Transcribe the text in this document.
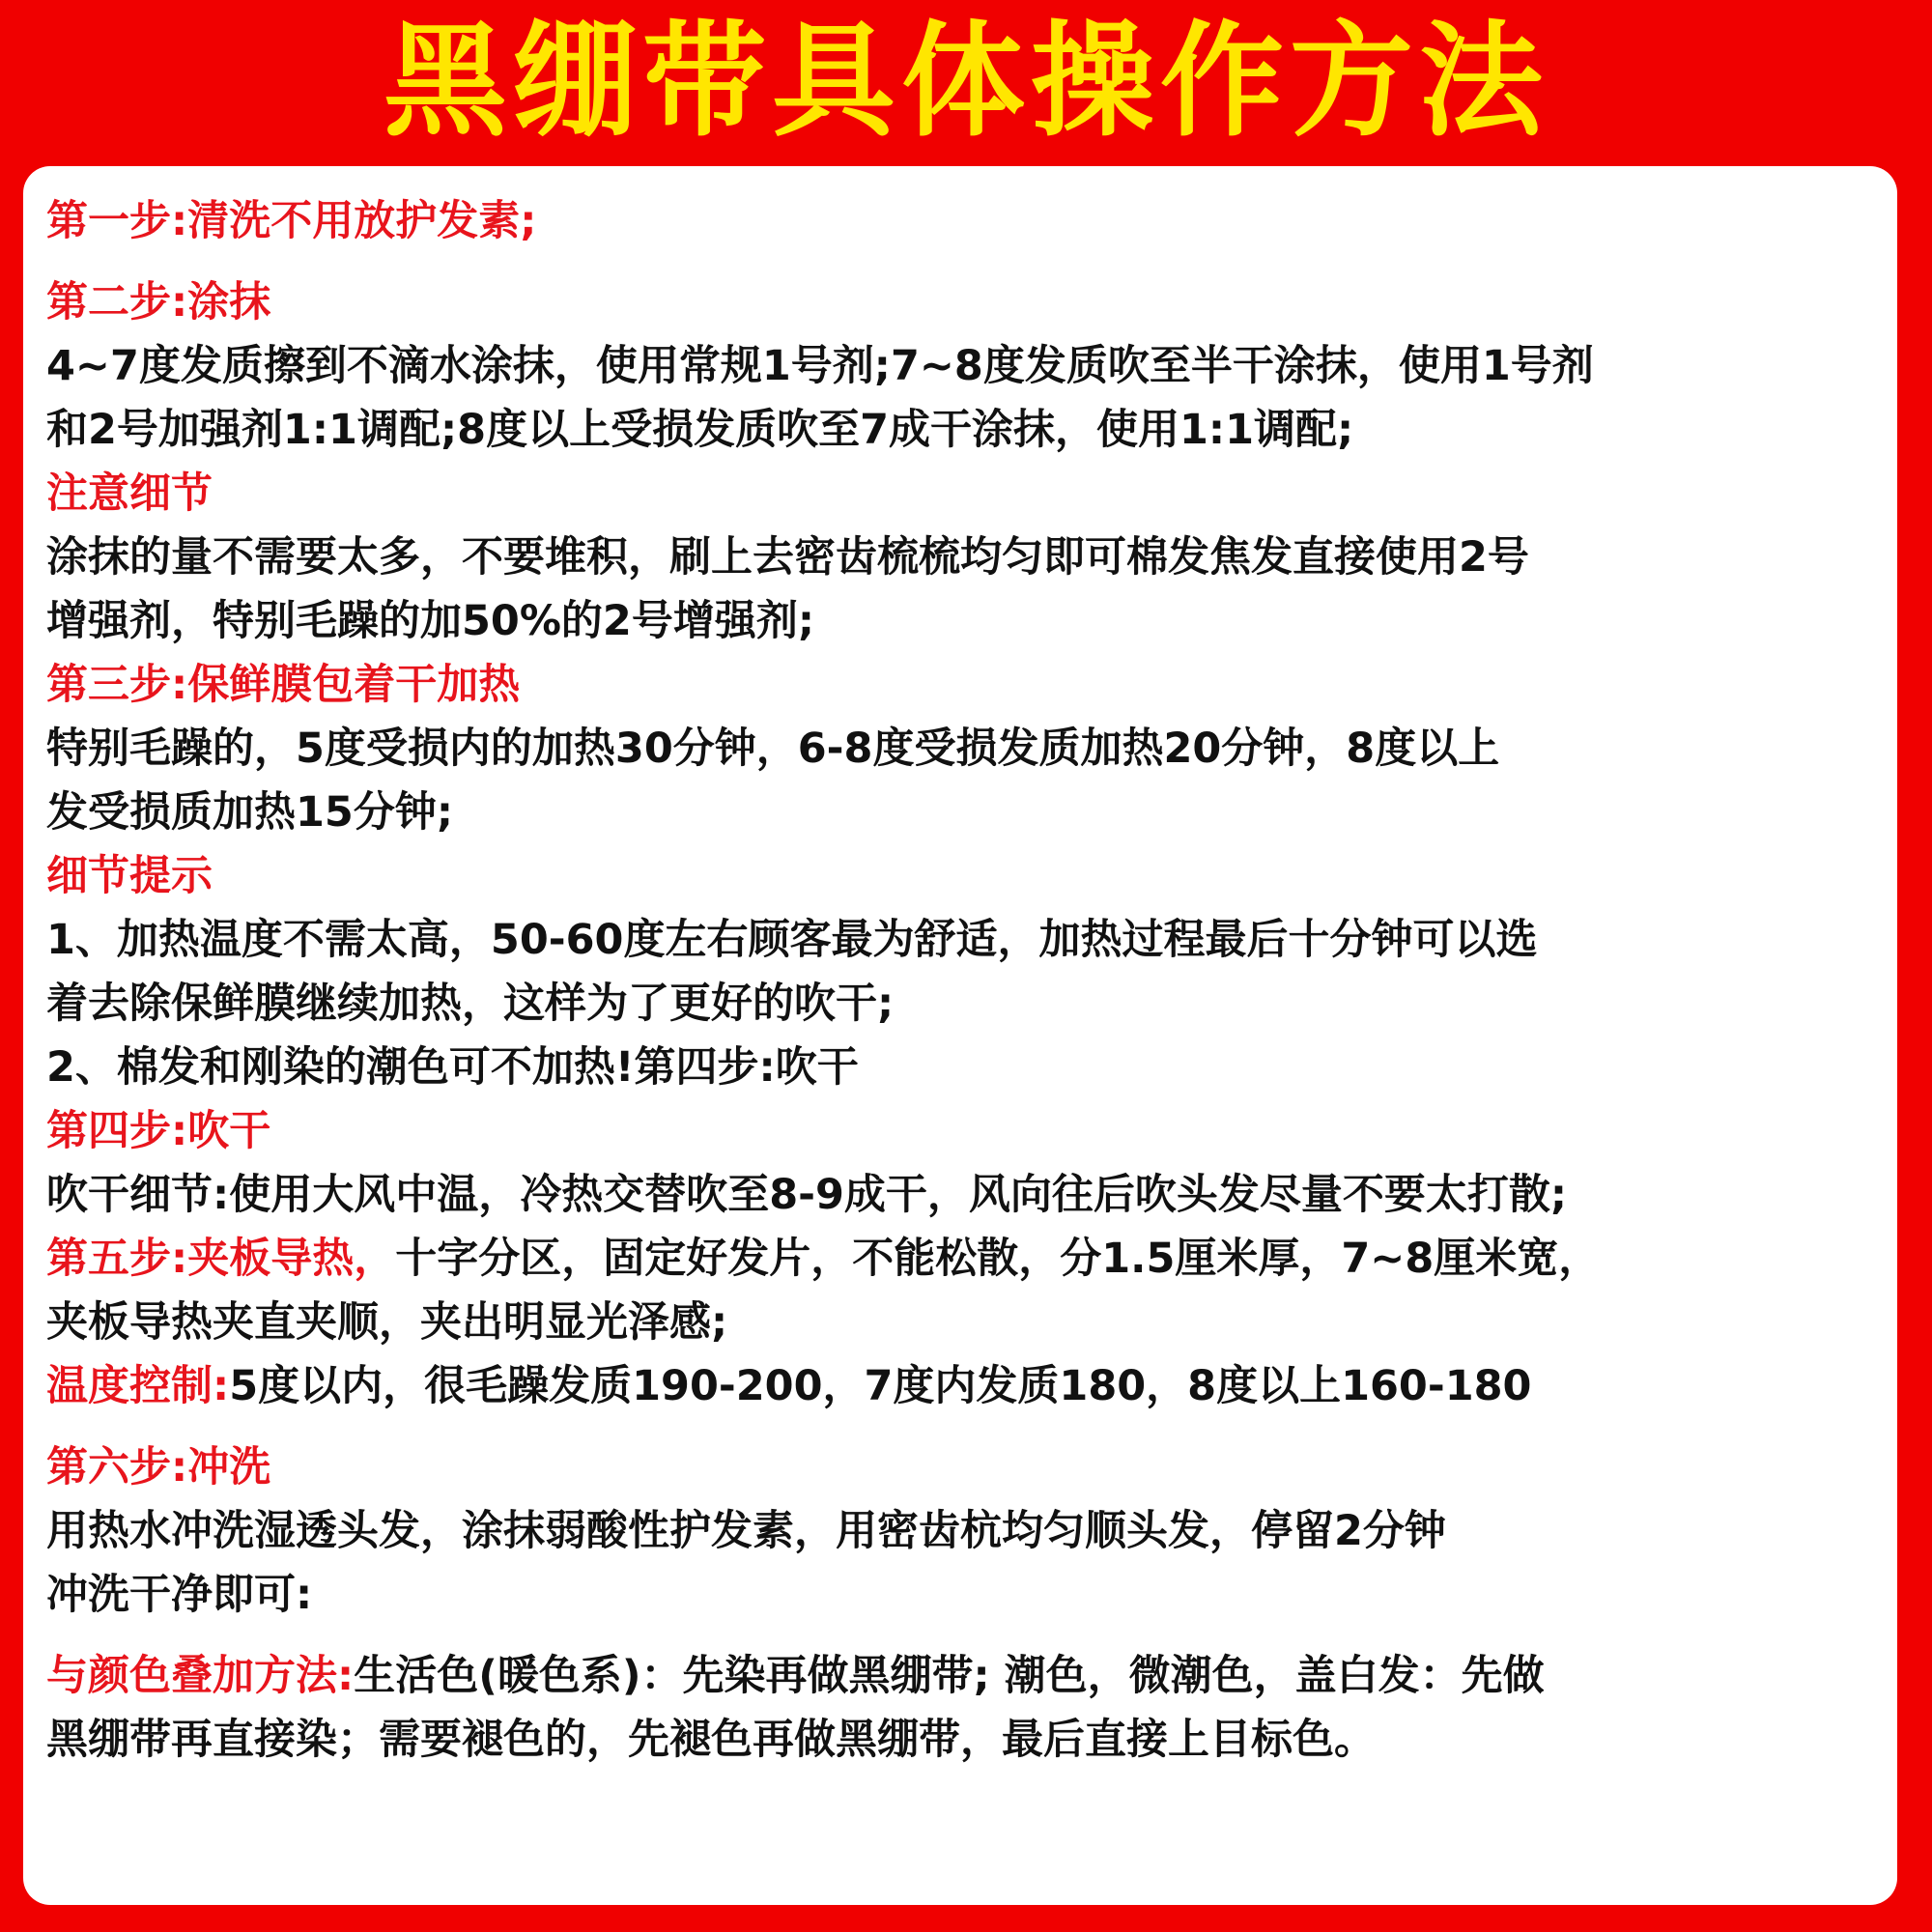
黑绷带具体操作方法
第一步:清洗不用放护发素;
第二步:涂抹
4~7度发质擦到不滴水涂抹，使用常规1号剂;7~8度发质吹至半干涂抹，使用1号剂
和2号加强剂1:1调配;8度以上受损发质吹至7成干涂抹，使用1:1调配;
注意细节
涂抹的量不需要太多，不要堆积，刷上去密齿梳梳均匀即可棉发焦发直接使用2号
增强剂，特别毛躁的加50%的2号增强剂;
第三步:保鲜膜包着干加热
特别毛躁的，5度受损内的加热30分钟，6-8度受损发质加热20分钟，8度以上
发受损质加热15分钟;
细节提示
1、加热温度不需太高，50-60度左右顾客最为舒适，加热过程最后十分钟可以选
着去除保鲜膜继续加热，这样为了更好的吹干;
2、棉发和刚染的潮色可不加热!第四步:吹干
第四步:吹干
吹干细节:使用大风中温，冷热交替吹至8-9成干，风向往后吹头发尽量不要太打散;
第五步:夹板导热，十字分区，固定好发片，不能松散，分1.5厘米厚，7~8厘米宽，
夹板导热夹直夹顺，夹出明显光泽感;
温度控制:5度以内，很毛躁发质190-200，7度内发质180，8度以上160-180
第六步:冲洗
用热水冲洗湿透头发，涂抹弱酸性护发素，用密齿杭均匀顺头发，停留2分钟
冲洗干净即可:
与颜色叠加方法:生活色(暖色系)：先染再做黑绷带; 潮色，微潮色，盖白发：先做
黑绷带再直接染；需要褪色的，先褪色再做黑绷带，最后直接上目标色。
